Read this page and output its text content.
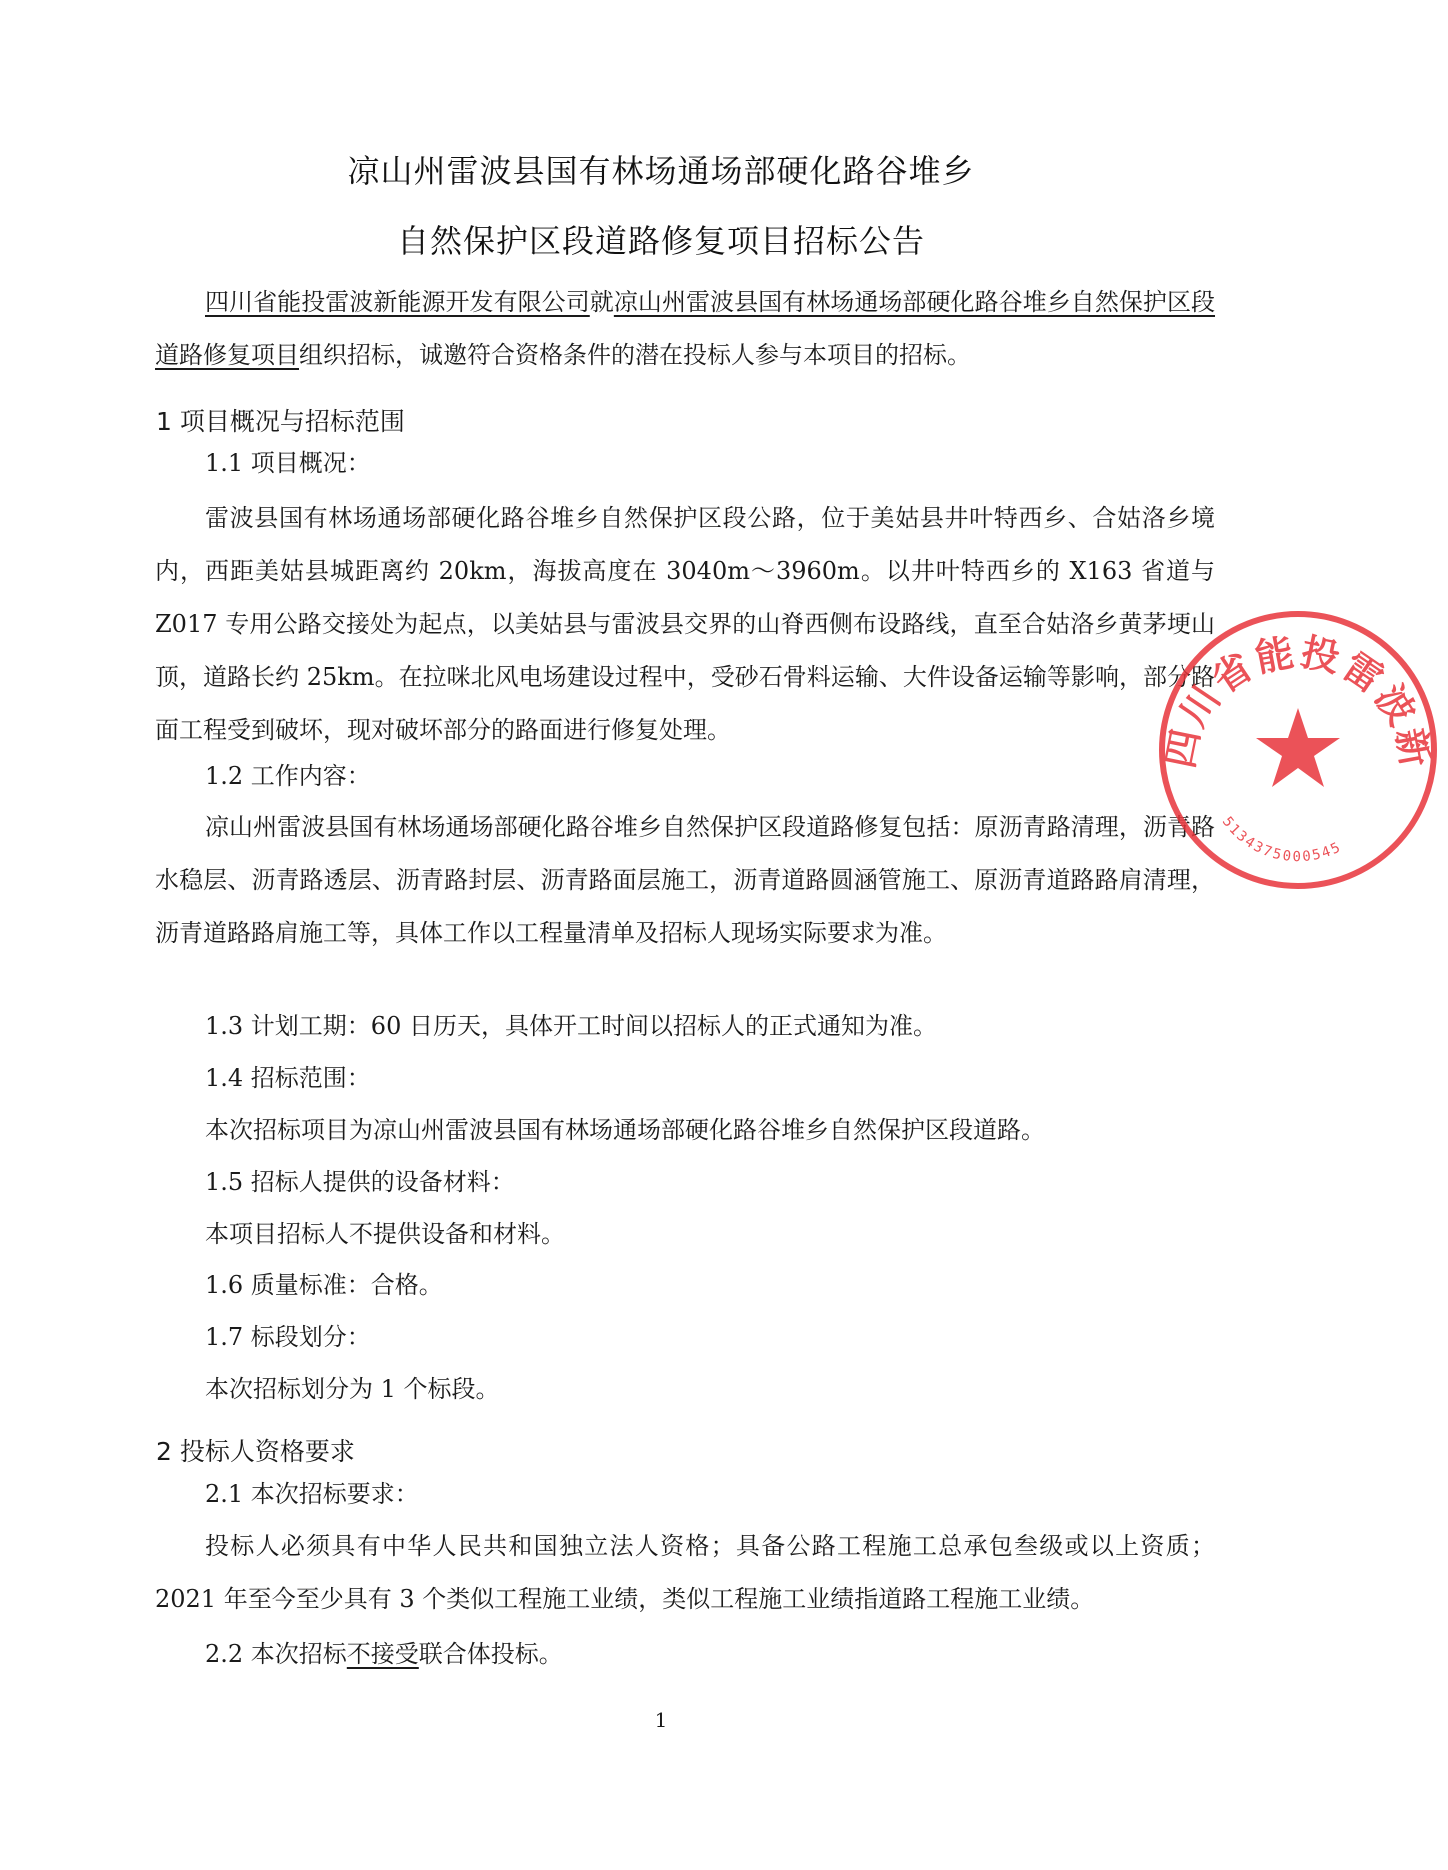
凉山州雷波县国有林场通场部硬化路谷堆乡
自然保护区段道路修复项目招标公告
四川省能投雷波新能源开发有限公司就凉山州雷波县国有林场通场部硬化路谷堆乡自然保护区段道路修复项目组织招标，诚邀符合资格条件的潜在投标人参与本项目的招标。
1 项目概况与招标范围
1.1 项目概况：
雷波县国有林场通场部硬化路谷堆乡自然保护区段公路，位于美姑县井叶特西乡、合姑洛乡境内，西距美姑县城距离约 20km，海拔高度在 3040m～3960m。以井叶特西乡的 X163 省道与 Z017 专用公路交接处为起点，以美姑县与雷波县交界的山脊西侧布设路线，直至合姑洛乡黄茅埂山顶，道路长约 25km。在拉咪北风电场建设过程中，受砂石骨料运输、大件设备运输等影响，部分路面工程受到破坏，现对破坏部分的路面进行修复处理。
1.2 工作内容：
凉山州雷波县国有林场通场部硬化路谷堆乡自然保护区段道路修复包括：原沥青路清理，沥青路水稳层、沥青路透层、沥青路封层、沥青路面层施工，沥青道路圆涵管施工、原沥青道路路肩清理，沥青道路路肩施工等，具体工作以工程量清单及招标人现场实际要求为准。
1.3 计划工期：60 日历天，具体开工时间以招标人的正式通知为准。
1.4 招标范围：
本次招标项目为凉山州雷波县国有林场通场部硬化路谷堆乡自然保护区段道路。
1.5 招标人提供的设备材料：
本项目招标人不提供设备和材料。
1.6 质量标准：合格。
1.7 标段划分：
本次招标划分为 1 个标段。
2 投标人资格要求
2.1 本次招标要求：
投标人必须具有中华人民共和国独立法人资格；具备公路工程施工总承包叁级或以上资质；2021 年至今至少具有 3 个类似工程施工业绩，类似工程施工业绩指道路工程施工业绩。
2.2 本次招标不接受联合体投标。
1
四川省能投雷波新
5134375000545
